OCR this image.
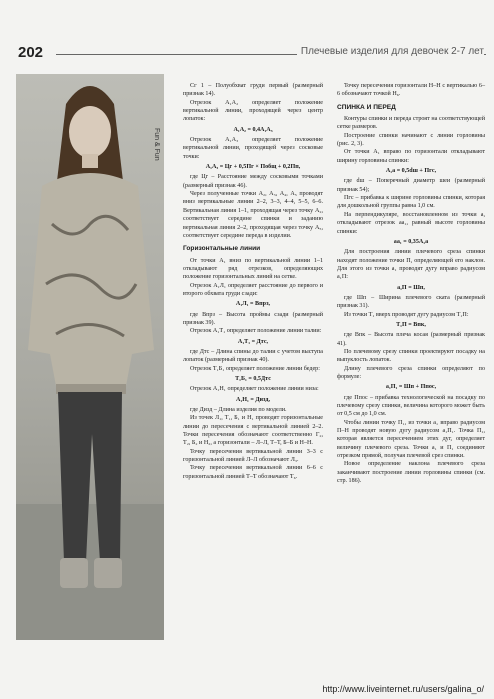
202	Плечевые изделия для девочек 2-7 лет
Fun & Fun

Сг 1 – Полуобхват груди первый (размерный признак 14).

Отрезок А₁А₂ определяет положение вертикальной линии, проходящей через центр лопаток:

А₁А₂ = 0,4А₁А₃

Отрезок А₁А₃ определяет положение вертикальной линии, проходящей через сосковые точки:

А₁А₃ = Цг + 0,5Пг × Побщ + 0,2Пп,

где Цг – Расстояние между сосковыми точками (размерный признак 46).

Через полученные точки А₂, А₃, А₄, А₅ проводят вниз вертикальные линии 2–2, 3–3, 4–4, 5–5, 6–6. Вертикальная линия 1–1, проходящая через точку А₂, соответствует середине спинки и заданию вертикальная линия 2–2, проходящая через точку А₅, соответствует середине переда в изделии.

Горизонтальные линии

От точки А₁ вниз по вертикальной линии 1–1 откладывают ряд отрезков, определяющих положение горизонтальных линий на сетке.

Отрезок А₁Л₁ определяет расстояние до первого и второго обхвата груди сзади:

А₁Л₁ = Впрз,

где Впрз – Высота проймы сзади (размерный признак 39).

Отрезок А₁Т₁ определяет положение линии талии:

А₁Т₁ = Дтс,

где Дтс – Длина спины до талии с учетом выступа лопаток (размерный признак 40).

Отрезок Т₁Б₁ определяет положение линии бедер:

Т₁Б₁ = 0,5Дтс

Отрезок А₁Н₁ определяет положение линии низа:

А₁Н₁ = Дизд,

где Дизд – Длина изделия по модели.

Из точек Л₁, Т₁, Б₁ и Н₁ проводят горизонтальные линии до пересечения с вертикальной линией 2–2. Точки пересечения обозначают соответственно Г₂, Т₂, Б₂ и Н₂, а горизонтали – Л–Л, Т–Т, Б–Б и Н–Н.

Точку пересечения вертикальной линии 3–3 с горизонтальной линией Л–Л обозначают Л₃.

Точку пересечения вертикальной линии 6–6 с горизонтальной линией Т–Т обозначают Т₆.

Точку пересечения горизонтали Н–Н с вертикалью 6–6 обозначают точкой Н₆.

СПИНКА И ПЕРЕД

Контуры спинки и переда строят на соответствующей сетке размеров.

Построение спинки начинают с линии горловины (рис. 2, 3).

От точки А₁ вправо по горизонтали откладывают ширину горловины спинки:

А₁а = 0,5dш + Пгс,

где dш – Поперечный диаметр шеи (размерный признак 54);

Пгс – прибавка к ширине горловины спинки, которая для дошкольной группы равна 1,0 см.

На перпендикуляре, восстановленном из точки а, откладывают отрезок аа₁, равный высоте горловины спинки:

аа₁ = 0,35А₁а

Для построения линии плечевого среза спинки находят положение точки П, определяющей его наклон. Для этого из точки а₁ проводят дугу вправо радиусом а₁П:

а₁П = Шп,

где Шп – Ширина плечевого ската (размерный признак 31).

Из точки Т₁ вверх проводят дугу радиусом Т₁П:

Т₁П = Впк,

где Впк – Высота плеча косая (размерный признак 41).

По плечевому срезу спинки проектируют посадку на выпуклость лопаток.

Длину плечевого среза спинки определяют по формуле:

а₁П₁ = Шп + Ппос,

где Ппос – прибавка технологической на посадку по плечевому срезу спинки, величина которого может быть от 0,5 см до 1,0 см.

Чтобы линии точку П₁, из точки а₁ вправо радиусом П–Н проводят новую дугу радиусом а₁П₁. Точка П₁, которая является пересечением этих дуг, определяет величину плечевого среза. Точки а₁ и П₁ соединяют отрезком прямой, получая плечевой срез спинки.

Новое определение наклона плечевого среза заканчивают построение линии горловины спинки (см. стр. 186).

http://www.liveinternet.ru/users/galina_o/
